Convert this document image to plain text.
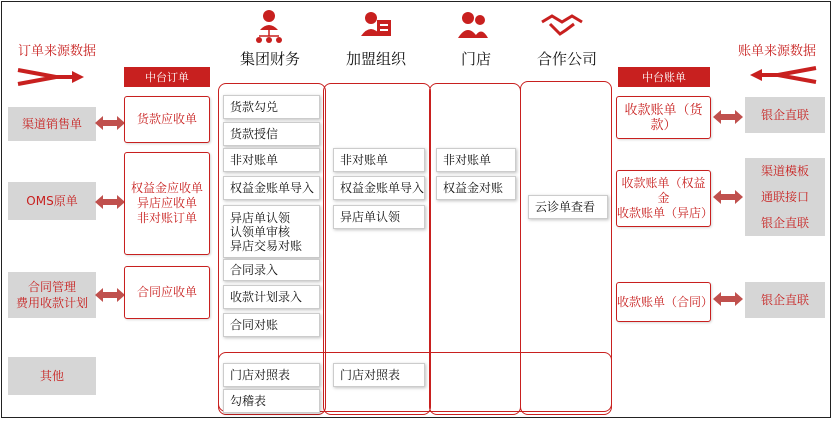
订单来源数据
中台订单
渠道销售单
OMS原单
合同管理
费用收款计划
其他
货款应收单
权益金应收单
异店应收单
非对账订单
合同应收单
集团财务	加盟组织	门店	合作公司
货款勾兑
货款授信
非对账单
权益金账单导入
异店单认领
认领单审核
异店交易对账
合同录入
收款计划录入
合同对账
门店对照表
勾稽表
非对账单
权益金账单导入
异店单认领
门店对照表
非对账单
权益金对账
云诊单查看
账单来源数据
中台账单
收款账单（货款）
收款账单（权益金
收款账单（异店）
收款账单（合同）
银企直联
渠道模板
通联接口
银企直联
银企直联
